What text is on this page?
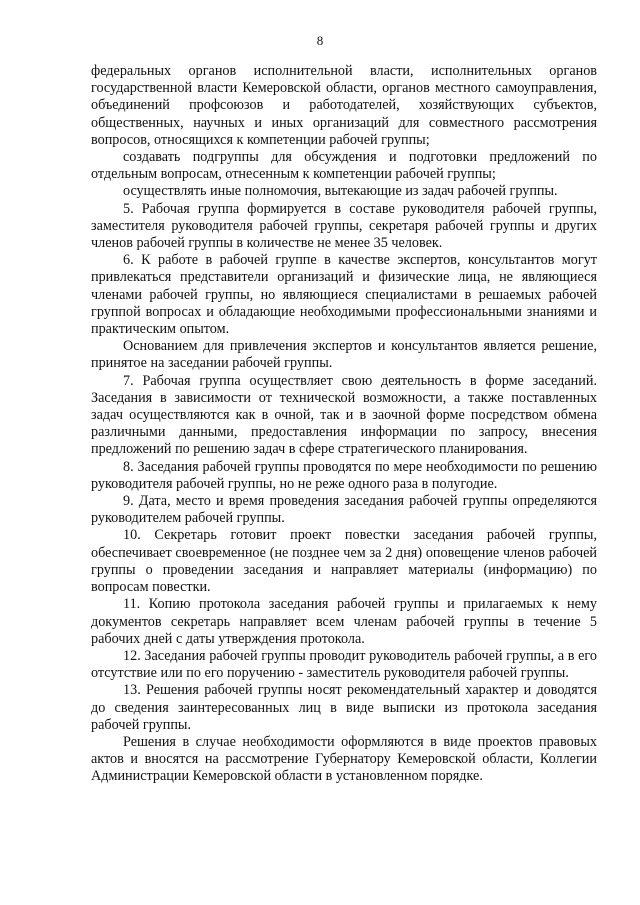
8

федеральных органов исполнительной власти, исполнительных органов государственной власти Кемеровской области, органов местного самоуправления, объединений профсоюзов и работодателей, хозяйствующих субъектов, общественных, научных и иных организаций для совместного рассмотрения вопросов, относящихся к компетенции рабочей группы;

создавать подгруппы для обсуждения и подготовки предложений по отдельным вопросам, отнесенным к компетенции рабочей группы;

осуществлять иные полномочия, вытекающие из задач рабочей группы.

5. Рабочая группа формируется в составе руководителя рабочей группы, заместителя руководителя рабочей группы, секретаря рабочей группы и других членов рабочей группы в количестве не менее 35 человек.

6. К работе в рабочей группе в качестве экспертов, консультантов могут привлекаться представители организаций и физические лица, не являющиеся членами рабочей группы, но являющиеся специалистами в решаемых рабочей группой вопросах и обладающие необходимыми профессиональными знаниями и практическим опытом.

Основанием для привлечения экспертов и консультантов является решение, принятое на заседании рабочей группы.

7. Рабочая группа осуществляет свою деятельность в форме заседаний. Заседания в зависимости от технической возможности, а также поставленных задач осуществляются как в очной, так и в заочной форме посредством обмена различными данными, предоставления информации по запросу, внесения предложений по решению задач в сфере стратегического планирования.

8. Заседания рабочей группы проводятся по мере необходимости по решению руководителя рабочей группы, но не реже одного раза в полугодие.

9. Дата, место и время проведения заседания рабочей группы определяются руководителем рабочей группы.

10. Секретарь готовит проект повестки заседания рабочей группы, обеспечивает своевременное (не позднее чем за 2 дня) оповещение членов рабочей группы о проведении заседания и направляет материалы (информацию) по вопросам повестки.

11. Копию протокола заседания рабочей группы и прилагаемых к нему документов секретарь направляет всем членам рабочей группы в течение 5 рабочих дней с даты утверждения протокола.

12. Заседания рабочей группы проводит руководитель рабочей группы, а в его отсутствие или по его поручению - заместитель руководителя рабочей группы.

13. Решения рабочей группы носят рекомендательный характер и доводятся до сведения заинтересованных лиц в виде выписки из протокола заседания рабочей группы.

Решения в случае необходимости оформляются в виде проектов правовых актов и вносятся на рассмотрение Губернатору Кемеровской области, Коллегии Администрации Кемеровской области в установленном порядке.
